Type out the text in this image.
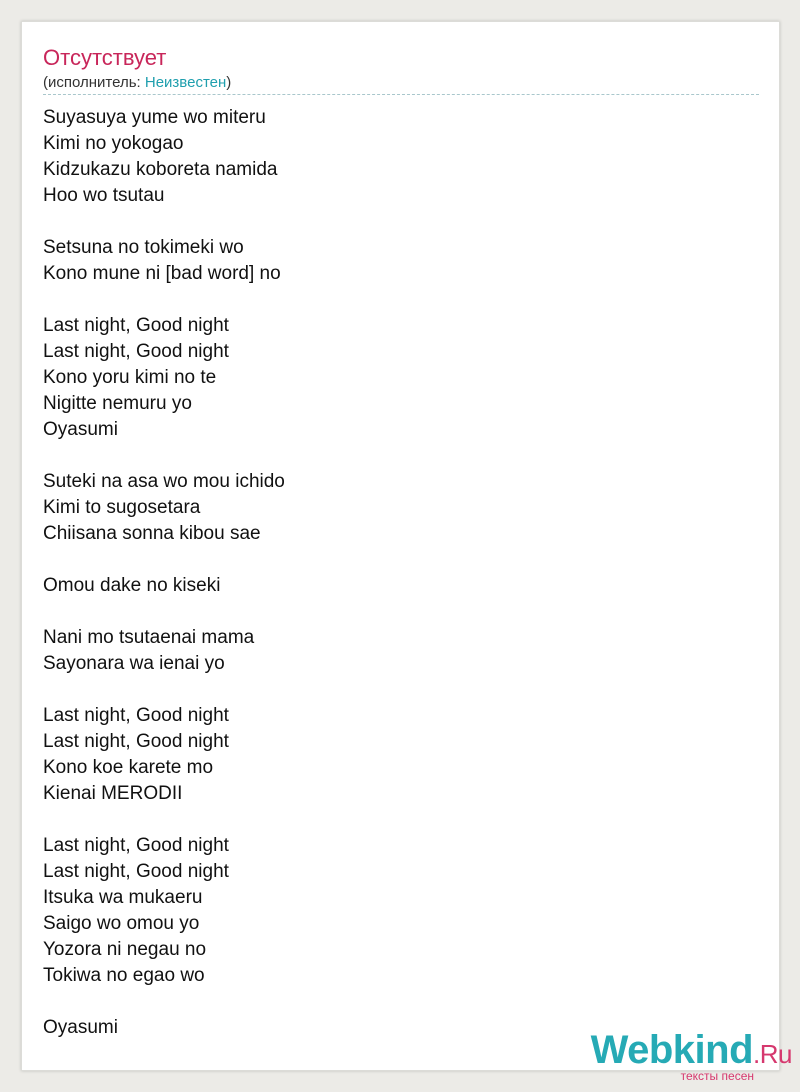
Отсутствует
(исполнитель: Неизвестен)
Suyasuya yume wo miteru
Kimi no yokogao
Kidzukazu koboreta namida
Hoo wo tsutau

Setsuna no tokimeki wo
Kono mune ni [bad word] no

Last night, Good night
Last night, Good night
Kono yoru kimi no te
Nigitte nemuru yo
Oyasumi

Suteki na asa wo mou ichido
Kimi to sugosetara
Chiisana sonna kibou sae

Omou dake no kiseki

Nani mo tsutaenai mama
Sayonara wa ienai yo

Last night, Good night
Last night, Good night
Kono koe karete mo
Kienai MERODII

Last night, Good night
Last night, Good night
Itsuka wa mukaeru
Saigo wo omou yo
Yozora ni negau no
Tokiwa no egao wo

Oyasumi
Webkind.Ru
тексты песен
